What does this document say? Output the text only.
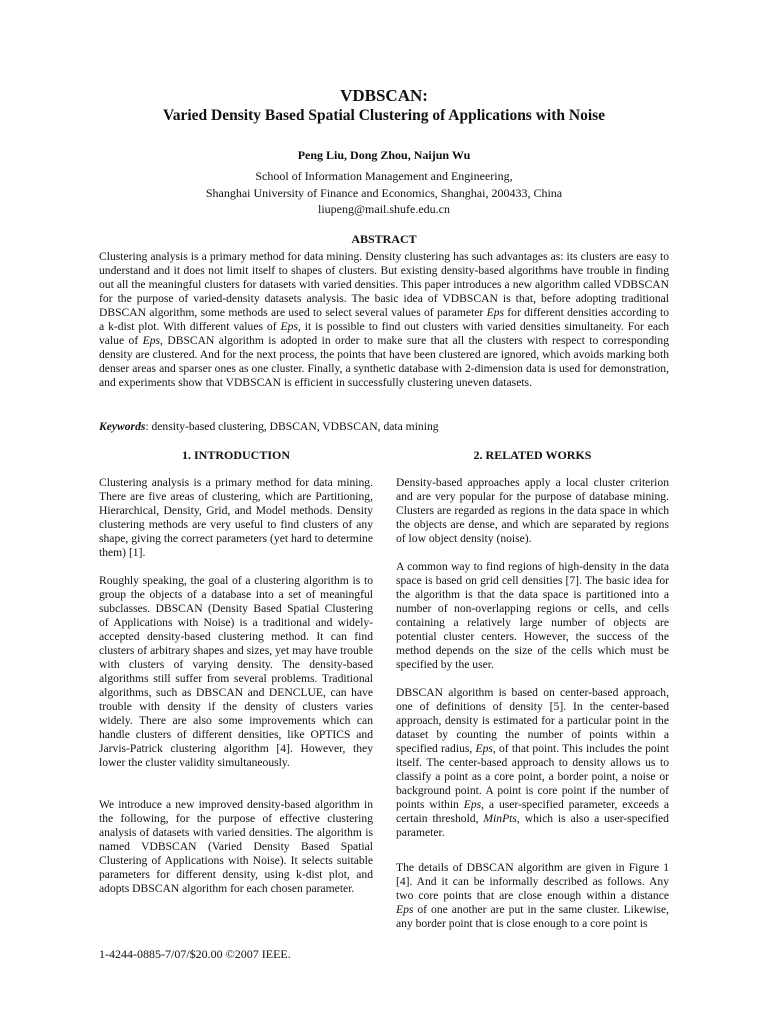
VDBSCAN:
Varied Density Based Spatial Clustering of Applications with Noise
Peng Liu, Dong Zhou, Naijun Wu
School of Information Management and Engineering,
Shanghai University of Finance and Economics, Shanghai, 200433, China
liupeng@mail.shufe.edu.cn
ABSTRACT
Clustering analysis is a primary method for data mining. Density clustering has such advantages as: its clusters are easy to understand and it does not limit itself to shapes of clusters. But existing density-based algorithms have trouble in finding out all the meaningful clusters for datasets with varied densities. This paper introduces a new algorithm called VDBSCAN for the purpose of varied-density datasets analysis. The basic idea of VDBSCAN is that, before adopting traditional DBSCAN algorithm, some methods are used to select several values of parameter Eps for different densities according to a k-dist plot. With different values of Eps, it is possible to find out clusters with varied densities simultaneity. For each value of Eps, DBSCAN algorithm is adopted in order to make sure that all the clusters with respect to corresponding density are clustered. And for the next process, the points that have been clustered are ignored, which avoids marking both denser areas and sparser ones as one cluster. Finally, a synthetic database with 2-dimension data is used for demonstration, and experiments show that VDBSCAN is efficient in successfully clustering uneven datasets.
Keywords: density-based clustering, DBSCAN, VDBSCAN, data mining
1. INTRODUCTION
Clustering analysis is a primary method for data mining. There are five areas of clustering, which are Partitioning, Hierarchical, Density, Grid, and Model methods. Density clustering methods are very useful to find clusters of any shape, giving the correct parameters (yet hard to determine them) [1].
Roughly speaking, the goal of a clustering algorithm is to group the objects of a database into a set of meaningful subclasses. DBSCAN (Density Based Spatial Clustering of Applications with Noise) is a traditional and widely-accepted density-based clustering method. It can find clusters of arbitrary shapes and sizes, yet may have trouble with clusters of varying density. The density-based algorithms still suffer from several problems. Traditional algorithms, such as DBSCAN and DENCLUE, can have trouble with density if the density of clusters varies widely. There are also some improvements which can handle clusters of different densities, like OPTICS and Jarvis-Patrick clustering algorithm [4]. However, they lower the cluster validity simultaneously.
We introduce a new improved density-based algorithm in the following, for the purpose of effective clustering analysis of datasets with varied densities. The algorithm is named VDBSCAN (Varied Density Based Spatial Clustering of Applications with Noise). It selects suitable parameters for different density, using k-dist plot, and adopts DBSCAN algorithm for each chosen parameter.
2. RELATED WORKS
Density-based approaches apply a local cluster criterion and are very popular for the purpose of database mining. Clusters are regarded as regions in the data space in which the objects are dense, and which are separated by regions of low object density (noise).
A common way to find regions of high-density in the data space is based on grid cell densities [7]. The basic idea for the algorithm is that the data space is partitioned into a number of non-overlapping regions or cells, and cells containing a relatively large number of objects are potential cluster centers. However, the success of the method depends on the size of the cells which must be specified by the user.
DBSCAN algorithm is based on center-based approach, one of definitions of density [5]. In the center-based approach, density is estimated for a particular point in the dataset by counting the number of points within a specified radius, Eps, of that point. This includes the point itself. The center-based approach to density allows us to classify a point as a core point, a border point, a noise or background point. A point is core point if the number of points within Eps, a user-specified parameter, exceeds a certain threshold, MinPts, which is also a user-specified parameter.
The details of DBSCAN algorithm are given in Figure 1 [4]. And it can be informally described as follows. Any two core points that are close enough within a distance Eps of one another are put in the same cluster. Likewise, any border point that is close enough to a core point is
1-4244-0885-7/07/$20.00 ©2007 IEEE.
